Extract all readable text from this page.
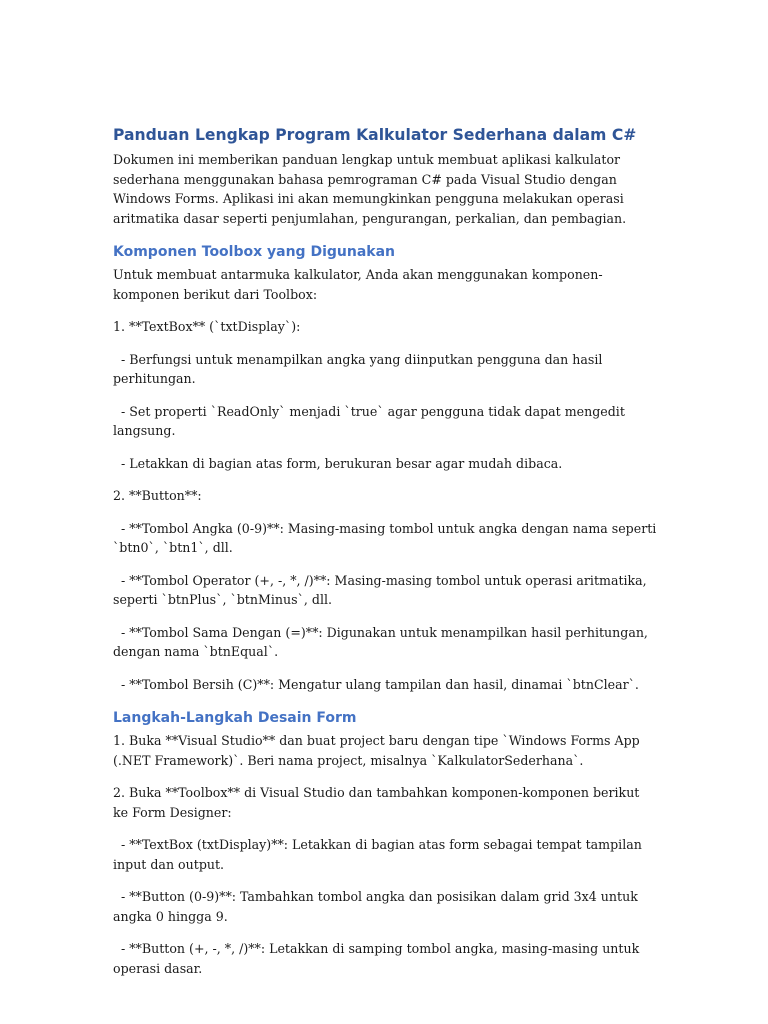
Panduan Lengkap Program Kalkulator Sederhana dalam C#

Dokumen ini memberikan panduan lengkap untuk membuat aplikasi kalkulator sederhana menggunakan bahasa pemrograman C# pada Visual Studio dengan Windows Forms. Aplikasi ini akan memungkinkan pengguna melakukan operasi aritmatika dasar seperti penjumlahan, pengurangan, perkalian, dan pembagian.

Komponen Toolbox yang Digunakan

Untuk membuat antarmuka kalkulator, Anda akan menggunakan komponen-komponen berikut dari Toolbox:

1. **TextBox** (`txtDisplay`):

- Berfungsi untuk menampilkan angka yang diinputkan pengguna dan hasil perhitungan.

- Set properti `ReadOnly` menjadi `true` agar pengguna tidak dapat mengedit langsung.

- Letakkan di bagian atas form, berukuran besar agar mudah dibaca.

2. **Button**:

- **Tombol Angka (0-9)**: Masing-masing tombol untuk angka dengan nama seperti `btn0`, `btn1`, dll.

- **Tombol Operator (+, -, *, /)**: Masing-masing tombol untuk operasi aritmatika, seperti `btnPlus`, `btnMinus`, dll.

- **Tombol Sama Dengan (=)**: Digunakan untuk menampilkan hasil perhitungan, dengan nama `btnEqual`.

- **Tombol Bersih (C)**: Mengatur ulang tampilan dan hasil, dinamai `btnClear`.

Langkah-Langkah Desain Form

1. Buka **Visual Studio** dan buat project baru dengan tipe `Windows Forms App (.NET Framework)`. Beri nama project, misalnya `KalkulatorSederhana`.

2. Buka **Toolbox** di Visual Studio dan tambahkan komponen-komponen berikut ke Form Designer:

- **TextBox (txtDisplay)**: Letakkan di bagian atas form sebagai tempat tampilan input dan output.

- **Button (0-9)**: Tambahkan tombol angka dan posisikan dalam grid 3x4 untuk angka 0 hingga 9.

- **Button (+, -, *, /)**: Letakkan di samping tombol angka, masing-masing untuk operasi dasar.
